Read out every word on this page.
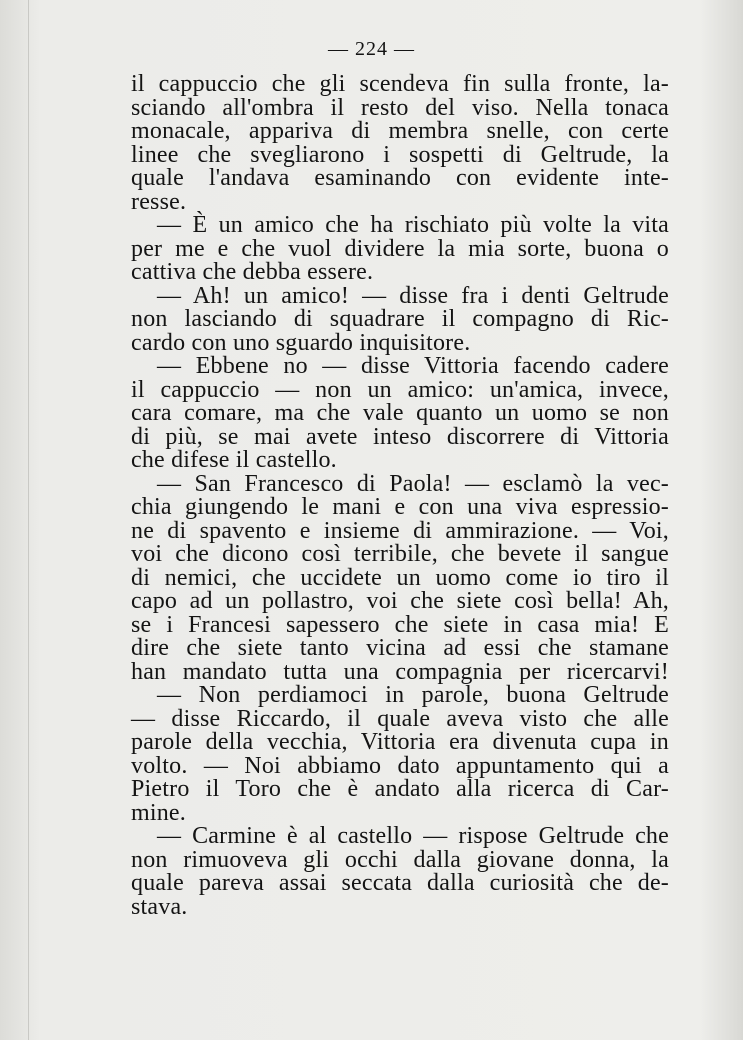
— 224 —
il cappuccio che gli scendeva fin sulla fronte, la-
sciando all'ombra il resto del viso. Nella tonaca
monacale, appariva di membra snelle, con certe
linee che svegliarono i sospetti di Geltrude, la
quale l'andava esaminando con evidente inte-
resse.
— È un amico che ha rischiato più volte la vita
per me e che vuol dividere la mia sorte, buona o
cattiva che debba essere.
— Ah! un amico! — disse fra i denti Geltrude
non lasciando di squadrare il compagno di Ric-
cardo con uno sguardo inquisitore.
— Ebbene no — disse Vittoria facendo cadere
il cappuccio — non un amico: un'amica, invece,
cara comare, ma che vale quanto un uomo se non
di più, se mai avete inteso discorrere di Vittoria
che difese il castello.
— San Francesco di Paola! — esclamò la vec-
chia giungendo le mani e con una viva espressio-
ne di spavento e insieme di ammirazione. — Voi,
voi che dicono così terribile, che bevete il sangue
di nemici, che uccidete un uomo come io tiro il
capo ad un pollastro, voi che siete così bella! Ah,
se i Francesi sapessero che siete in casa mia! E
dire che siete tanto vicina ad essi che stamane
han mandato tutta una compagnia per ricercarvi!
— Non perdiamoci in parole, buona Geltrude
— disse Riccardo, il quale aveva visto che alle
parole della vecchia, Vittoria era divenuta cupa in
volto. — Noi abbiamo dato appuntamento qui a
Pietro il Toro che è andato alla ricerca di Car-
mine.
— Carmine è al castello — rispose Geltrude che
non rimuoveva gli occhi dalla giovane donna, la
quale pareva assai seccata dalla curiosità che de-
stava.
